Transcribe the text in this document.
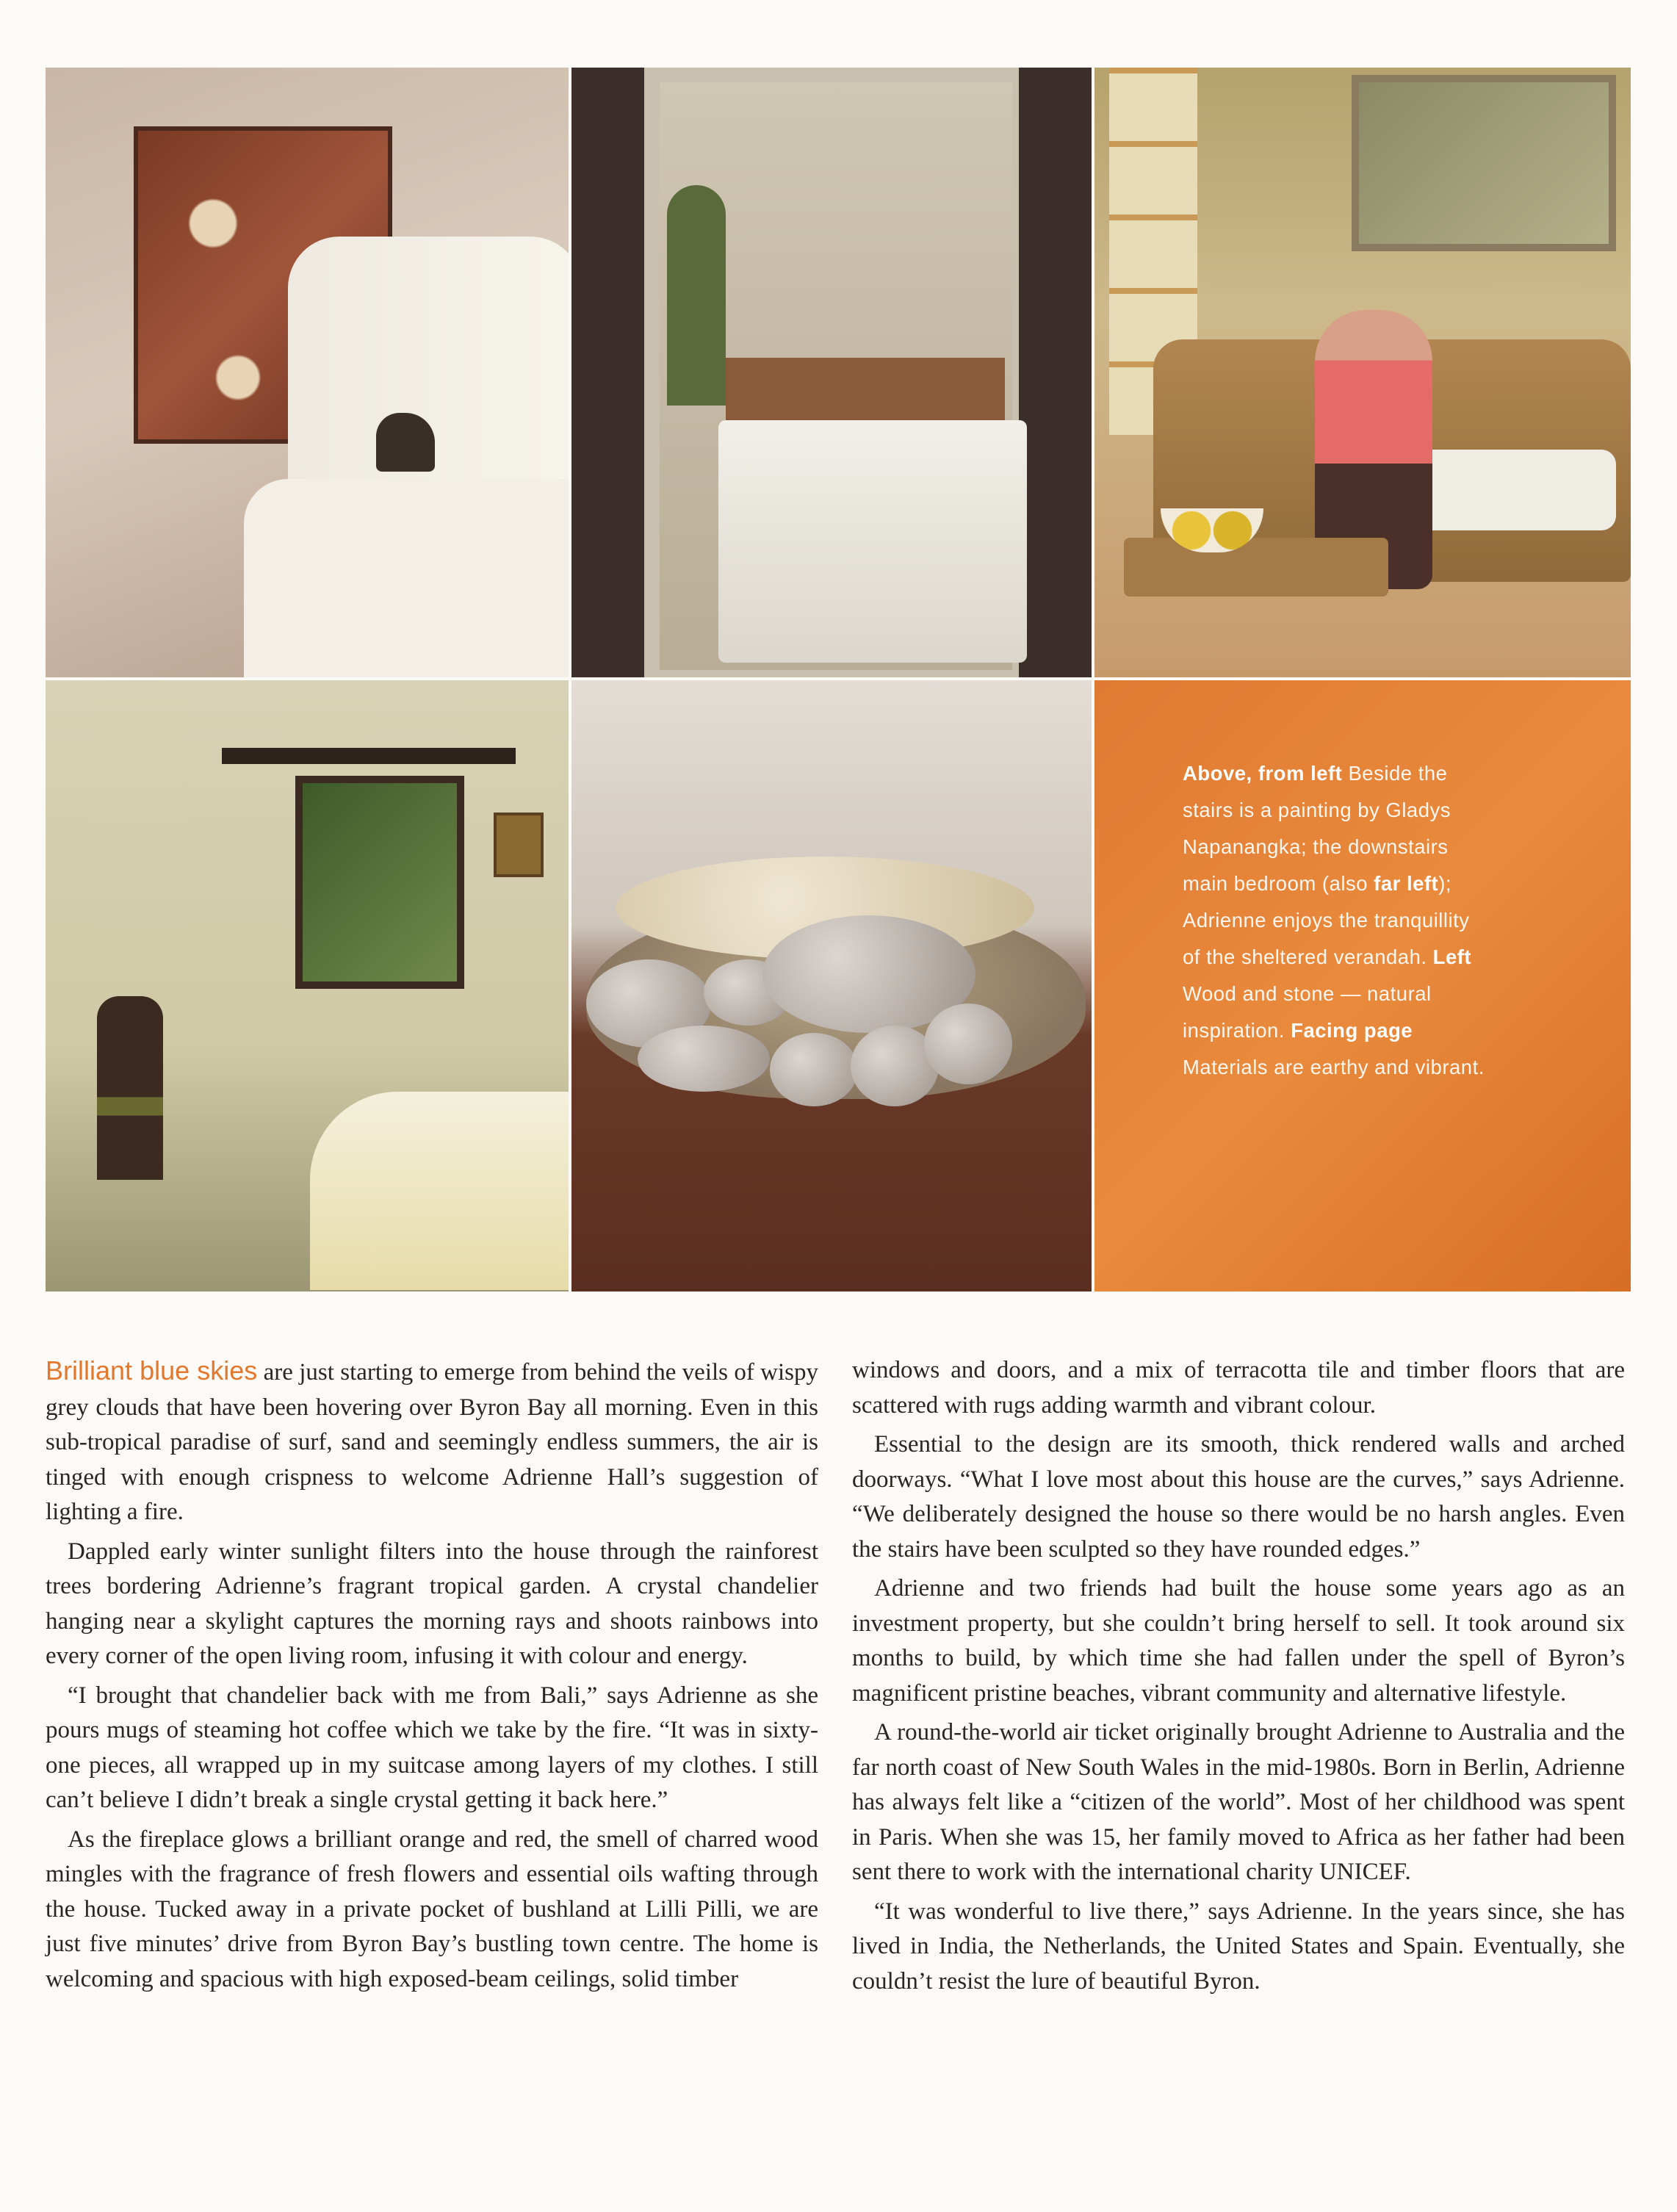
Above, from left Beside the stairs is a painting by Gladys Napanangka; the downstairs main bedroom (also far left); Adrienne enjoys the tranquillity of the sheltered verandah. Left Wood and stone — natural inspiration. Facing page Materials are earthy and vibrant.

Brilliant blue skies are just starting to emerge from behind the veils of wispy grey clouds that have been hovering over Byron Bay all morning. Even in this sub-tropical paradise of surf, sand and seemingly endless summers, the air is tinged with enough crispness to welcome Adrienne Hall’s suggestion of lighting a fire.

Dappled early winter sunlight filters into the house through the rainforest trees bordering Adrienne’s fragrant tropical garden. A crystal chandelier hanging near a skylight captures the morning rays and shoots rainbows into every corner of the open living room, infusing it with colour and energy.

“I brought that chandelier back with me from Bali,” says Adrienne as she pours mugs of steaming hot coffee which we take by the fire. “It was in sixty-one pieces, all wrapped up in my suitcase among layers of my clothes. I still can’t believe I didn’t break a single crystal getting it back here.”

As the fireplace glows a brilliant orange and red, the smell of charred wood mingles with the fragrance of fresh flowers and essential oils wafting through the house. Tucked away in a private pocket of bushland at Lilli Pilli, we are just five minutes’ drive from Byron Bay’s bustling town centre. The home is welcoming and spacious with high exposed-beam ceilings, solid timber

windows and doors, and a mix of terracotta tile and timber floors that are scattered with rugs adding warmth and vibrant colour.

Essential to the design are its smooth, thick rendered walls and arched doorways. “What I love most about this house are the curves,” says Adrienne. “We deliberately designed the house so there would be no harsh angles. Even the stairs have been sculpted so they have rounded edges.”

Adrienne and two friends had built the house some years ago as an investment property, but she couldn’t bring herself to sell. It took around six months to build, by which time she had fallen under the spell of Byron’s magnificent pristine beaches, vibrant community and alternative lifestyle.

A round-the-world air ticket originally brought Adrienne to Australia and the far north coast of New South Wales in the mid-1980s. Born in Berlin, Adrienne has always felt like a “citizen of the world”. Most of her childhood was spent in Paris. When she was 15, her family moved to Africa as her father had been sent there to work with the international charity UNICEF.

“It was wonderful to live there,” says Adrienne. In the years since, she has lived in India, the Netherlands, the United States and Spain. Eventually, she couldn’t resist the lure of beautiful Byron.
